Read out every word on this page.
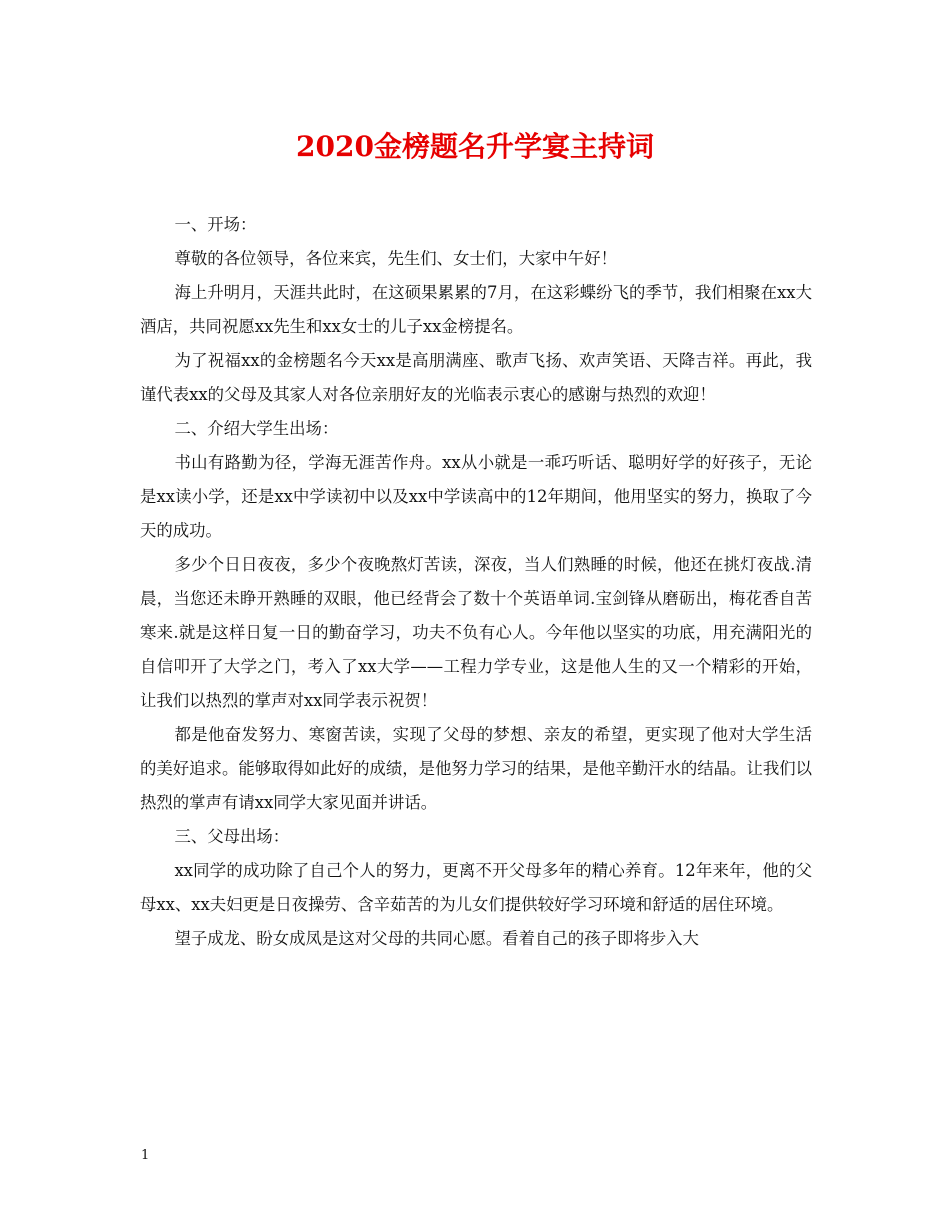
2020金榜题名升学宴主持词

一、开场：

尊敬的各位领导，各位来宾，先生们、女士们，大家中午好！

海上升明月，天涯共此时，在这硕果累累的7月，在这彩蝶纷飞的季节，我们相聚在xx大酒店，共同祝愿xx先生和xx女士的儿子xx金榜提名。

为了祝福xx的金榜题名今天xx是高朋满座、歌声飞扬、欢声笑语、天降吉祥。再此，我谨代表xx的父母及其家人对各位亲朋好友的光临表示衷心的感谢与热烈的欢迎！

二、介绍大学生出场：

书山有路勤为径，学海无涯苦作舟。xx从小就是一乖巧听话、聪明好学的好孩子，无论是xx读小学，还是xx中学读初中以及xx中学读高中的12年期间，他用坚实的努力，换取了今天的成功。

多少个日日夜夜，多少个夜晚熬灯苦读，深夜，当人们熟睡的时候，他还在挑灯夜战.清晨，当您还未睁开熟睡的双眼，他已经背会了数十个英语单词.宝剑锋从磨砺出，梅花香自苦寒来.就是这样日复一日的勤奋学习，功夫不负有心人。今年他以坚实的功底，用充满阳光的自信叩开了大学之门，考入了xx大学——工程力学专业，这是他人生的又一个精彩的开始，让我们以热烈的掌声对xx同学表示祝贺！

都是他奋发努力、寒窗苦读，实现了父母的梦想、亲友的希望，更实现了他对大学生活的美好追求。能够取得如此好的成绩，是他努力学习的结果，是他辛勤汗水的结晶。让我们以热烈的掌声有请xx同学大家见面并讲话。

三、父母出场：

xx同学的成功除了自己个人的努力，更离不开父母多年的精心养育。12年来年，他的父母xx、xx夫妇更是日夜操劳、含辛茹苦的为儿女们提供较好学习环境和舒适的居住环境。

望子成龙、盼女成凤是这对父母的共同心愿。看着自己的孩子即将步入大

1
